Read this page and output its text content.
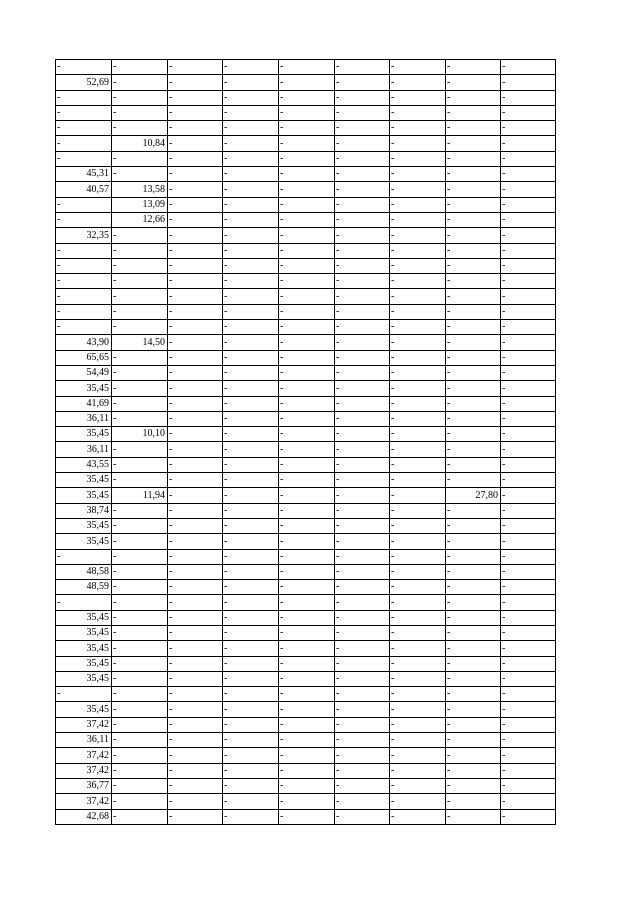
-	-	-	-	-	-	-	-	-
52,69	-	-	-	-	-	-	-	-
-	-	-	-	-	-	-	-	-
-	-	-	-	-	-	-	-	-
-	-	-	-	-	-	-	-	-
-	10,84	-	-	-	-	-	-	-
-	-	-	-	-	-	-	-	-
45,31	-	-	-	-	-	-	-	-
40,57	13,58	-	-	-	-	-	-	-
-	13,09	-	-	-	-	-	-	-
-	12,66	-	-	-	-	-	-	-
32,35	-	-	-	-	-	-	-	-
-	-	-	-	-	-	-	-	-
-	-	-	-	-	-	-	-	-
-	-	-	-	-	-	-	-	-
-	-	-	-	-	-	-	-	-
-	-	-	-	-	-	-	-	-
-	-	-	-	-	-	-	-	-
43,90	14,50	-	-	-	-	-	-	-
65,65	-	-	-	-	-	-	-	-
54,49	-	-	-	-	-	-	-	-
35,45	-	-	-	-	-	-	-	-
41,69	-	-	-	-	-	-	-	-
36,11	-	-	-	-	-	-	-	-
35,45	10,10	-	-	-	-	-	-	-
36,11	-	-	-	-	-	-	-	-
43,55	-	-	-	-	-	-	-	-
35,45	-	-	-	-	-	-	-	-
35,45	11,94	-	-	-	-	-	27,80	-
38,74	-	-	-	-	-	-	-	-
35,45	-	-	-	-	-	-	-	-
35,45	-	-	-	-	-	-	-	-
-	-	-	-	-	-	-	-	-
48,58	-	-	-	-	-	-	-	-
48,59	-	-	-	-	-	-	-	-
-	-	-	-	-	-	-	-	-
35,45	-	-	-	-	-	-	-	-
35,45	-	-	-	-	-	-	-	-
35,45	-	-	-	-	-	-	-	-
35,45	-	-	-	-	-	-	-	-
35,45	-	-	-	-	-	-	-	-
-	-	-	-	-	-	-	-	-
35,45	-	-	-	-	-	-	-	-
37,42	-	-	-	-	-	-	-	-
36,11	-	-	-	-	-	-	-	-
37,42	-	-	-	-	-	-	-	-
37,42	-	-	-	-	-	-	-	-
36,77	-	-	-	-	-	-	-	-
37,42	-	-	-	-	-	-	-	-
42,68	-	-	-	-	-	-	-	-
